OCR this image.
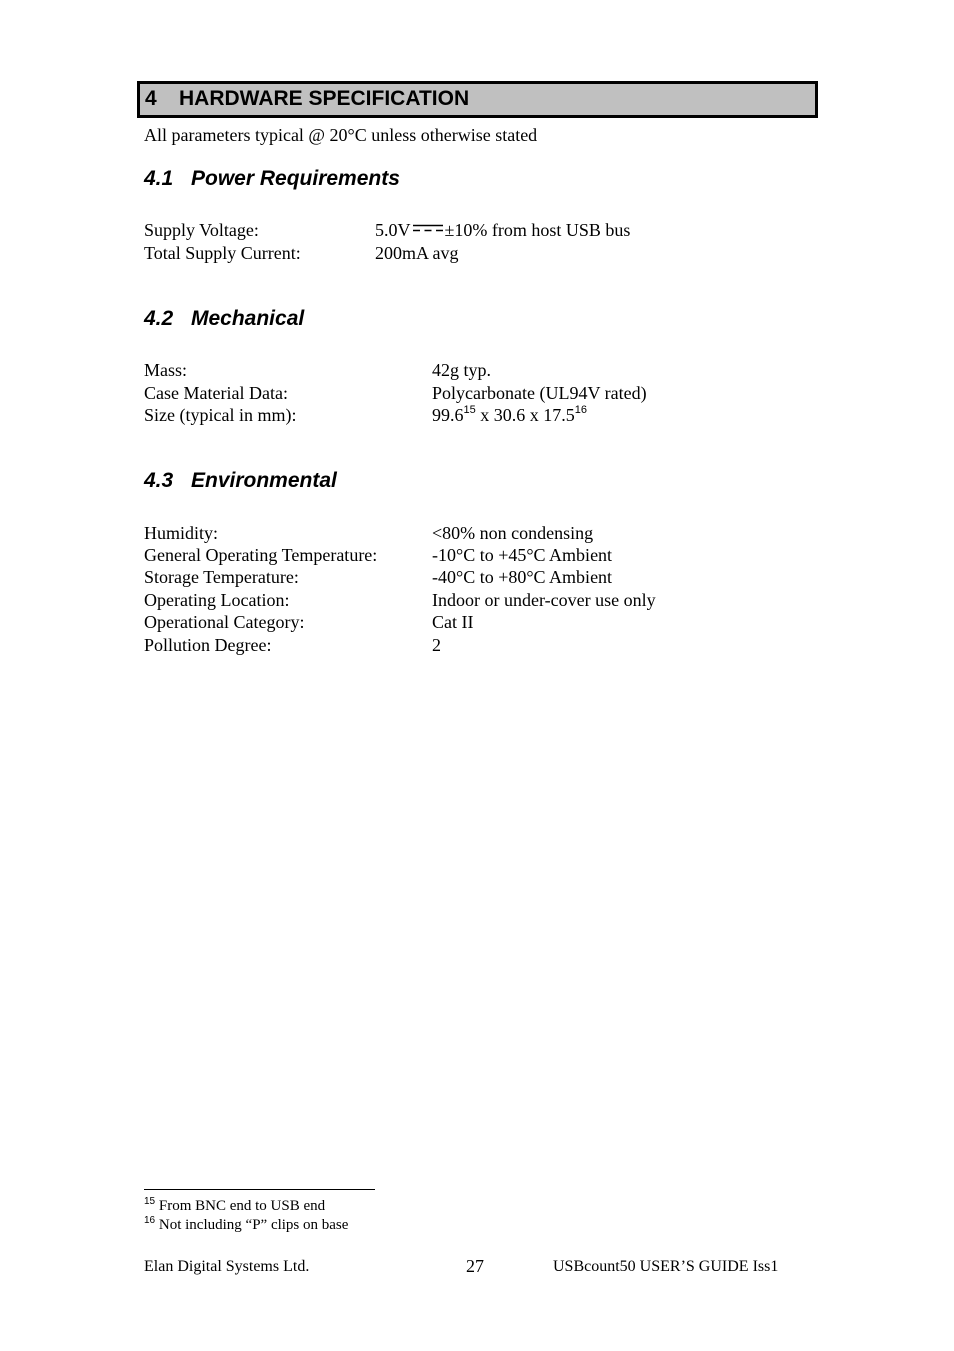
4 HARDWARE SPECIFICATION
All parameters typical @ 20°C unless otherwise stated
4.1 Power Requirements
Supply Voltage:	5.0V ±10% from host USB bus
Total Supply Current:	200mA avg
4.2 Mechanical
Mass:	42g typ.
Case Material Data:	Polycarbonate (UL94V rated)
Size (typical in mm):	99.6$^{15}$ x 30.6 x 17.5$^{16}$
4.3 Environmental
Humidity:	<80% non condensing
General Operating Temperature:	-10°C to +45°C Ambient
Storage Temperature:	-40°C to +80°C Ambient
Operating Location:	Indoor or under-cover use only
Operational Category:	Cat II
Pollution Degree:	2
$^{15}$ From BNC end to USB end
$^{16}$ Not including “P” clips on base
Elan Digital Systems Ltd.	27	USBcount50 USER’S GUIDE Iss1
